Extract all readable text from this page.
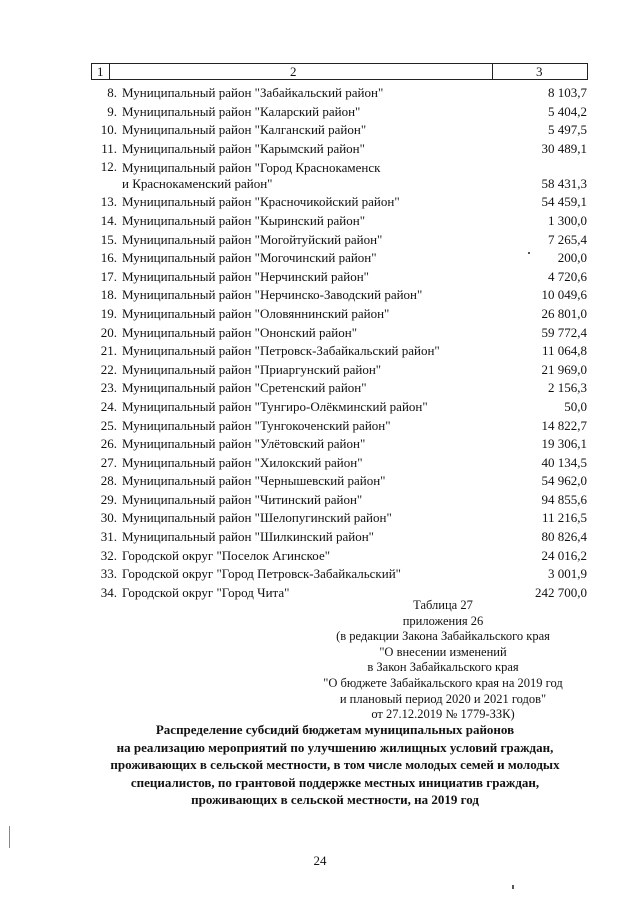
1	2	3
8. Муниципальный район "Забайкальский район"	8 103,7
9. Муниципальный район "Каларский район"	5 404,2
10. Муниципальный район "Калганский район"	5 497,5
11. Муниципальный район "Карымский район"	30 489,1
12. Муниципальный район "Город Краснокаменск
и Краснокаменский район"	58 431,3
13. Муниципальный район "Красночикойский район"	54 459,1
14. Муниципальный район "Кыринский район"	1 300,0
15. Муниципальный район "Могойтуйский район"	7 265,4
16. Муниципальный район "Могочинский район"	200,0
17. Муниципальный район "Нерчинский район"	4 720,6
18. Муниципальный район "Нерчинско-Заводский район"	10 049,6
19. Муниципальный район "Оловяннинский район"	26 801,0
20. Муниципальный район "Ононский район"	59 772,4
21. Муниципальный район "Петровск-Забайкальский район"	11 064,8
22. Муниципальный район "Приаргунский район"	21 969,0
23. Муниципальный район "Сретенский район"	2 156,3
24. Муниципальный район "Тунгиро-Олёкминский район"	50,0
25. Муниципальный район "Тунгокоченский район"	14 822,7
26. Муниципальный район "Улётовский район"	19 306,1
27. Муниципальный район "Хилокский район"	40 134,5
28. Муниципальный район "Чернышевский район"	54 962,0
29. Муниципальный район "Читинский район"	94 855,6
30. Муниципальный район "Шелопугинский район"	11 216,5
31. Муниципальный район "Шилкинский район"	80 826,4
32. Городской округ "Поселок Агинское"	24 016,2
33. Городской округ "Город Петровск-Забайкальский"	3 001,9
34. Городской округ "Город Чита"	242 700,0
Таблица 27
приложения 26
(в редакции Закона Забайкальского края
"О внесении изменений
в Закон Забайкальского края
"О бюджете Забайкальского края на 2019 год
и плановый период 2020 и 2021 годов"
от 27.12.2019 № 1779-ЗЗК)
Распределение субсидий бюджетам муниципальных районов
на реализацию мероприятий по улучшению жилищных условий граждан,
проживающих в сельской местности, в том числе молодых семей и молодых
специалистов, по грантовой поддержке местных инициатив граждан,
проживающих в сельской местности, на 2019 год
24
